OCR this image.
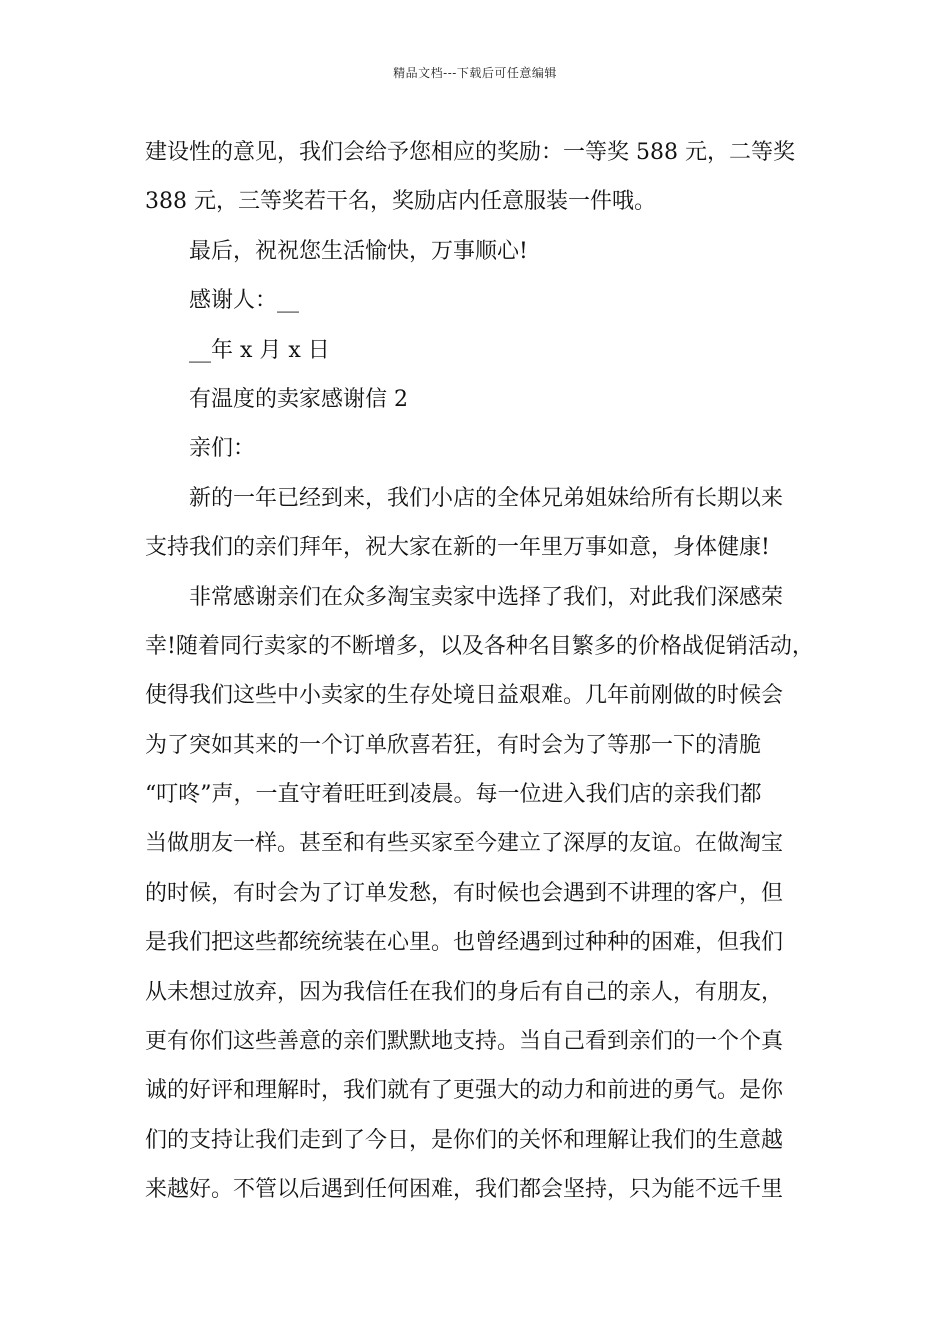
精品文档---下载后可任意编辑
建设性的意见，我们会给予您相应的奖励：一等奖 588 元，二等奖
388 元，三等奖若干名，奖励店内任意服装一件哦。
最后，祝祝您生活愉快，万事顺心!
感谢人：__
__年 x 月 x 日
有温度的卖家感谢信 2
亲们：
新的一年已经到来，我们小店的全体兄弟姐妹给所有长期以来
支持我们的亲们拜年，祝大家在新的一年里万事如意，身体健康!
非常感谢亲们在众多淘宝卖家中选择了我们，对此我们深感荣
幸!随着同行卖家的不断增多，以及各种名目繁多的价格战促销活动，
使得我们这些中小卖家的生存处境日益艰难。几年前刚做的时候会
为了突如其来的一个订单欣喜若狂，有时会为了等那一下的清脆
“叮咚”声，一直守着旺旺到凌晨。每一位进入我们店的亲我们都
当做朋友一样。甚至和有些买家至今建立了深厚的友谊。在做淘宝
的时候，有时会为了订单发愁，有时候也会遇到不讲理的客户，但
是我们把这些都统统装在心里。也曾经遇到过种种的困难，但我们
从未想过放弃，因为我信任在我们的身后有自己的亲人，有朋友，
更有你们这些善意的亲们默默地支持。当自己看到亲们的一个个真
诚的好评和理解时，我们就有了更强大的动力和前进的勇气。是你
们的支持让我们走到了今日，是你们的关怀和理解让我们的生意越
来越好。不管以后遇到任何困难，我们都会坚持，只为能不远千里
